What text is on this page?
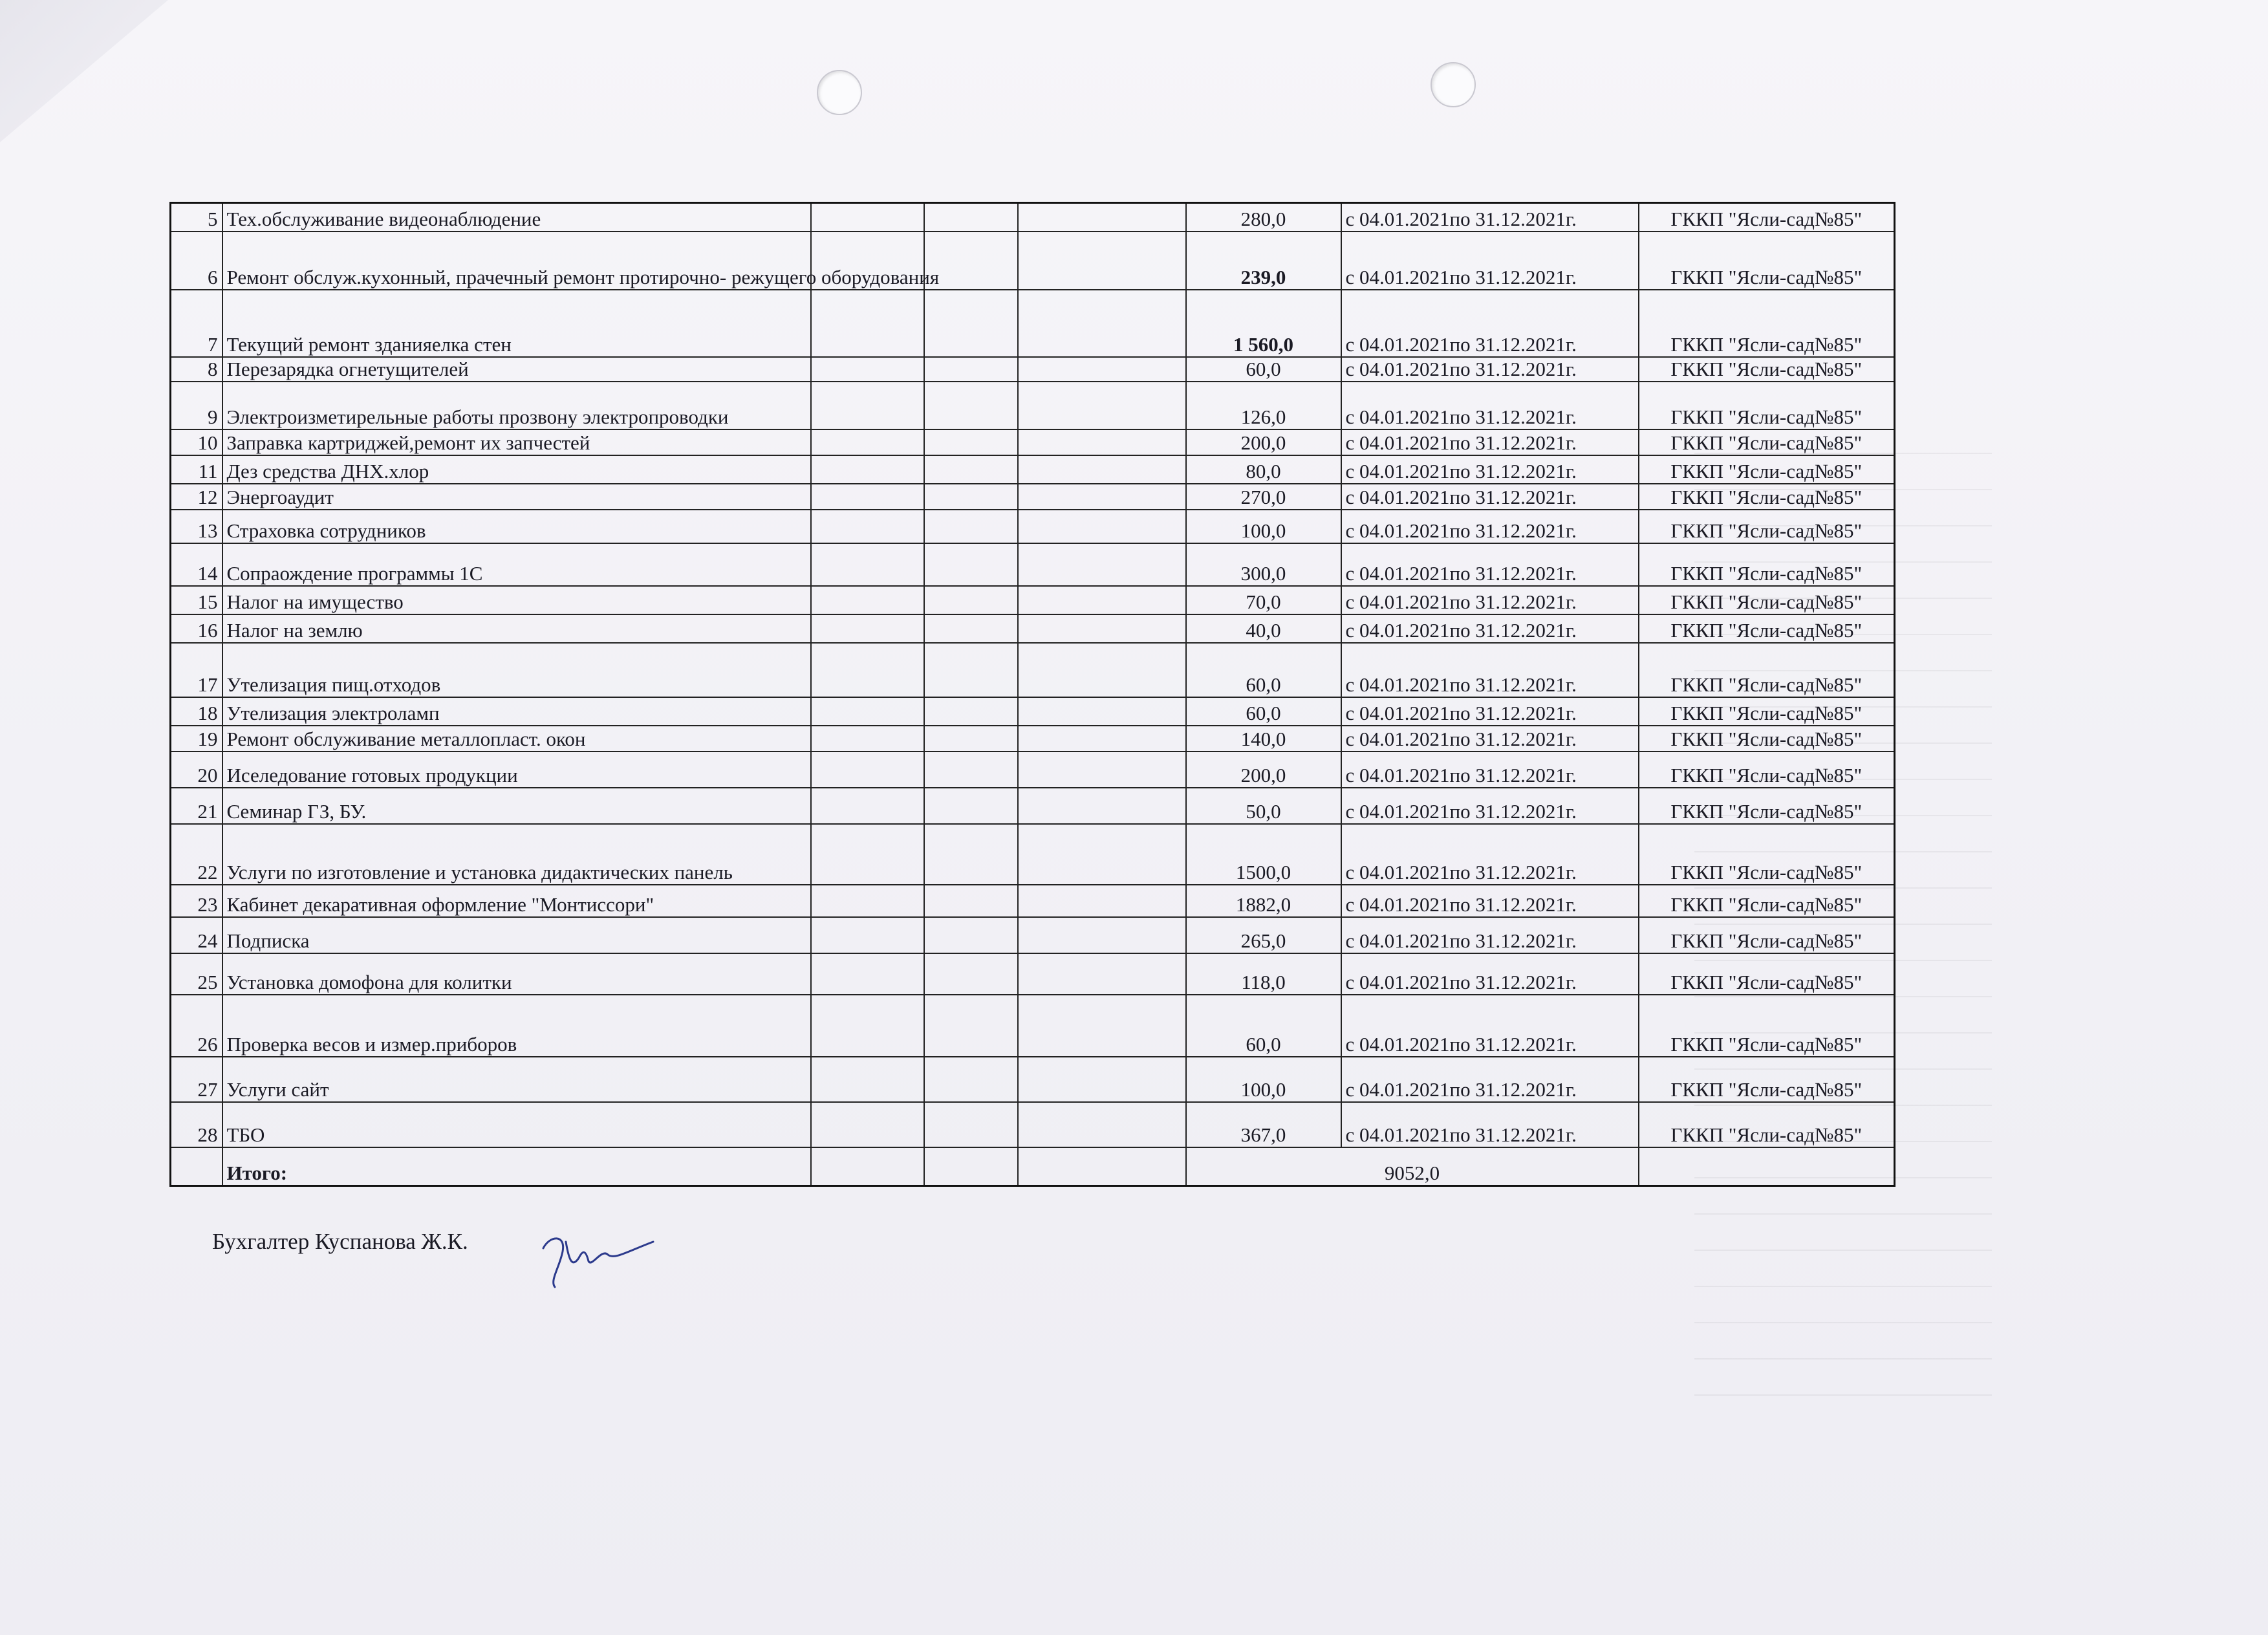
5	Тех.обслуживание видеонаблюдение				280,0	с 04.01.2021по 31.12.2021г.	ГККП "Ясли-сад№85"
6	Ремонт обслуж.кухонный, прачечный ремонт протирочно- режущего оборудования				239,0	с 04.01.2021по 31.12.2021г.	ГККП "Ясли-сад№85"
7	Текущий ремонт зданияелка стен				1 560,0	с 04.01.2021по 31.12.2021г.	ГККП "Ясли-сад№85"
8	Перезарядка огнетущителей				60,0	с 04.01.2021по 31.12.2021г.	ГККП "Ясли-сад№85"
9	Электроизметирельные работы прозвону электропроводки				126,0	с 04.01.2021по 31.12.2021г.	ГККП "Ясли-сад№85"
10	Заправка картриджей,ремонт их запчестей				200,0	с 04.01.2021по 31.12.2021г.	ГККП "Ясли-сад№85"
11	Дез средства ДНХ.хлор				80,0	с 04.01.2021по 31.12.2021г.	ГККП "Ясли-сад№85"
12	Энергоаудит				270,0	с 04.01.2021по 31.12.2021г.	ГККП "Ясли-сад№85"
13	Страховка сотрудников				100,0	с 04.01.2021по 31.12.2021г.	ГККП "Ясли-сад№85"
14	Сопраождение программы 1С				300,0	с 04.01.2021по 31.12.2021г.	ГККП "Ясли-сад№85"
15	Налог на имущество				70,0	с 04.01.2021по 31.12.2021г.	ГККП "Ясли-сад№85"
16	Налог на землю				40,0	с 04.01.2021по 31.12.2021г.	ГККП "Ясли-сад№85"
17	Утелизация пищ.отходов				60,0	с 04.01.2021по 31.12.2021г.	ГККП "Ясли-сад№85"
18	Утелизация электроламп				60,0	с 04.01.2021по 31.12.2021г.	ГККП "Ясли-сад№85"
19	Ремонт обслуживание металлопласт. окон				140,0	с 04.01.2021по 31.12.2021г.	ГККП "Ясли-сад№85"
20	Иселедование готовых продукции				200,0	с 04.01.2021по 31.12.2021г.	ГККП "Ясли-сад№85"
21	Семинар ГЗ, БУ.				50,0	с 04.01.2021по 31.12.2021г.	ГККП "Ясли-сад№85"
22	Услуги по изготовление и установка дидактических панель				1500,0	с 04.01.2021по 31.12.2021г.	ГККП "Ясли-сад№85"
23	Кабинет декаративная оформление "Монтиссори"				1882,0	с 04.01.2021по 31.12.2021г.	ГККП "Ясли-сад№85"
24	Подписка				265,0	с 04.01.2021по 31.12.2021г.	ГККП "Ясли-сад№85"
25	Установка домофона для колитки				118,0	с 04.01.2021по 31.12.2021г.	ГККП "Ясли-сад№85"
26	Проверка весов и измер.приборов				60,0	с 04.01.2021по 31.12.2021г.	ГККП "Ясли-сад№85"
27	Услуги сайт				100,0	с 04.01.2021по 31.12.2021г.	ГККП "Ясли-сад№85"
28	ТБО				367,0	с 04.01.2021по 31.12.2021г.	ГККП "Ясли-сад№85"
	Итого:				9052,0		
Бухгалтер Куспанова Ж.К.
